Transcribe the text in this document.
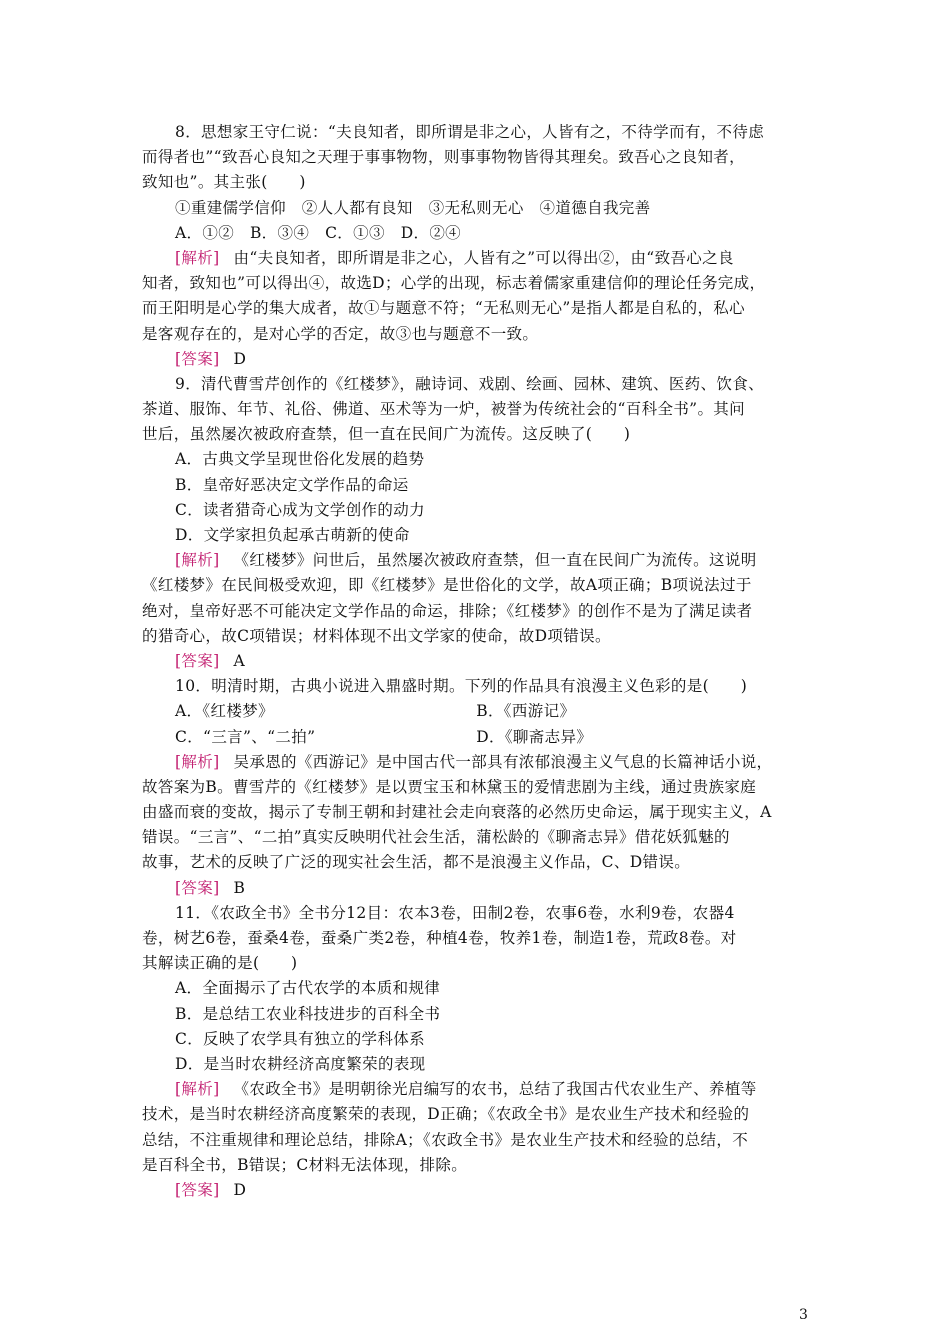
8．思想家王守仁说：“夫良知者，即所谓是非之心，人皆有之，不待学而有，不待虑
而得者也”“致吾心良知之天理于事事物物，则事事物物皆得其理矣。致吾心之良知者，
致知也”。其主张(　　)
①重建儒学信仰　②人人都有良知　③无私则无心　④道德自我完善
A．①②　B．③④　C．①③　D．②④
[解析] 由“夫良知者，即所谓是非之心，人皆有之”可以得出②，由“致吾心之良
知者，致知也”可以得出④，故选D；心学的出现，标志着儒家重建信仰的理论任务完成，
而王阳明是心学的集大成者，故①与题意不符；“无私则无心”是指人都是自私的，私心
是客观存在的，是对心学的否定，故③也与题意不一致。
[答案] D
9．清代曹雪芹创作的《红楼梦》，融诗词、戏剧、绘画、园林、建筑、医药、饮食、
茶道、服饰、年节、礼俗、佛道、巫术等为一炉，被誉为传统社会的“百科全书”。其问
世后，虽然屡次被政府查禁，但一直在民间广为流传。这反映了(　　)
A．古典文学呈现世俗化发展的趋势
B．皇帝好恶决定文学作品的命运
C．读者猎奇心成为文学创作的动力
D．文学家担负起承古萌新的使命
[解析] 《红楼梦》问世后，虽然屡次被政府查禁，但一直在民间广为流传。这说明
《红楼梦》在民间极受欢迎，即《红楼梦》是世俗化的文学，故A项正确；B项说法过于
绝对，皇帝好恶不可能决定文学作品的命运，排除；《红楼梦》的创作不是为了满足读者
的猎奇心，故C项错误；材料体现不出文学家的使命，故D项错误。
[答案] A
10．明清时期，古典小说进入鼎盛时期。下列的作品具有浪漫主义色彩的是(　　)
A．《红楼梦》	B．《西游记》
C．“三言”、“二拍”	D．《聊斋志异》
[解析] 吴承恩的《西游记》是中国古代一部具有浓郁浪漫主义气息的长篇神话小说，
故答案为B。曹雪芹的《红楼梦》是以贾宝玉和林黛玉的爱情悲剧为主线，通过贵族家庭
由盛而衰的变故，揭示了专制王朝和封建社会走向衰落的必然历史命运，属于现实主义，A
错误。“三言”、“二拍”真实反映明代社会生活，蒲松龄的《聊斋志异》借花妖狐魅的
故事，艺术的反映了广泛的现实社会生活，都不是浪漫主义作品，C、D错误。
[答案] B
11．《农政全书》全书分12目：农本3卷，田制2卷，农事6卷，水利9卷，农器4
卷，树艺6卷，蚕桑4卷，蚕桑广类2卷，种植4卷，牧养1卷，制造1卷，荒政8卷。对
其解读正确的是(　　)
A．全面揭示了古代农学的本质和规律
B．是总结工农业科技进步的百科全书
C．反映了农学具有独立的学科体系
D．是当时农耕经济高度繁荣的表现
[解析] 《农政全书》是明朝徐光启编写的农书，总结了我国古代农业生产、养植等
技术，是当时农耕经济高度繁荣的表现，D正确；《农政全书》是农业生产技术和经验的
总结，不注重规律和理论总结，排除A；《农政全书》是农业生产技术和经验的总结，不
是百科全书，B错误；C材料无法体现，排除。
[答案] D
3
